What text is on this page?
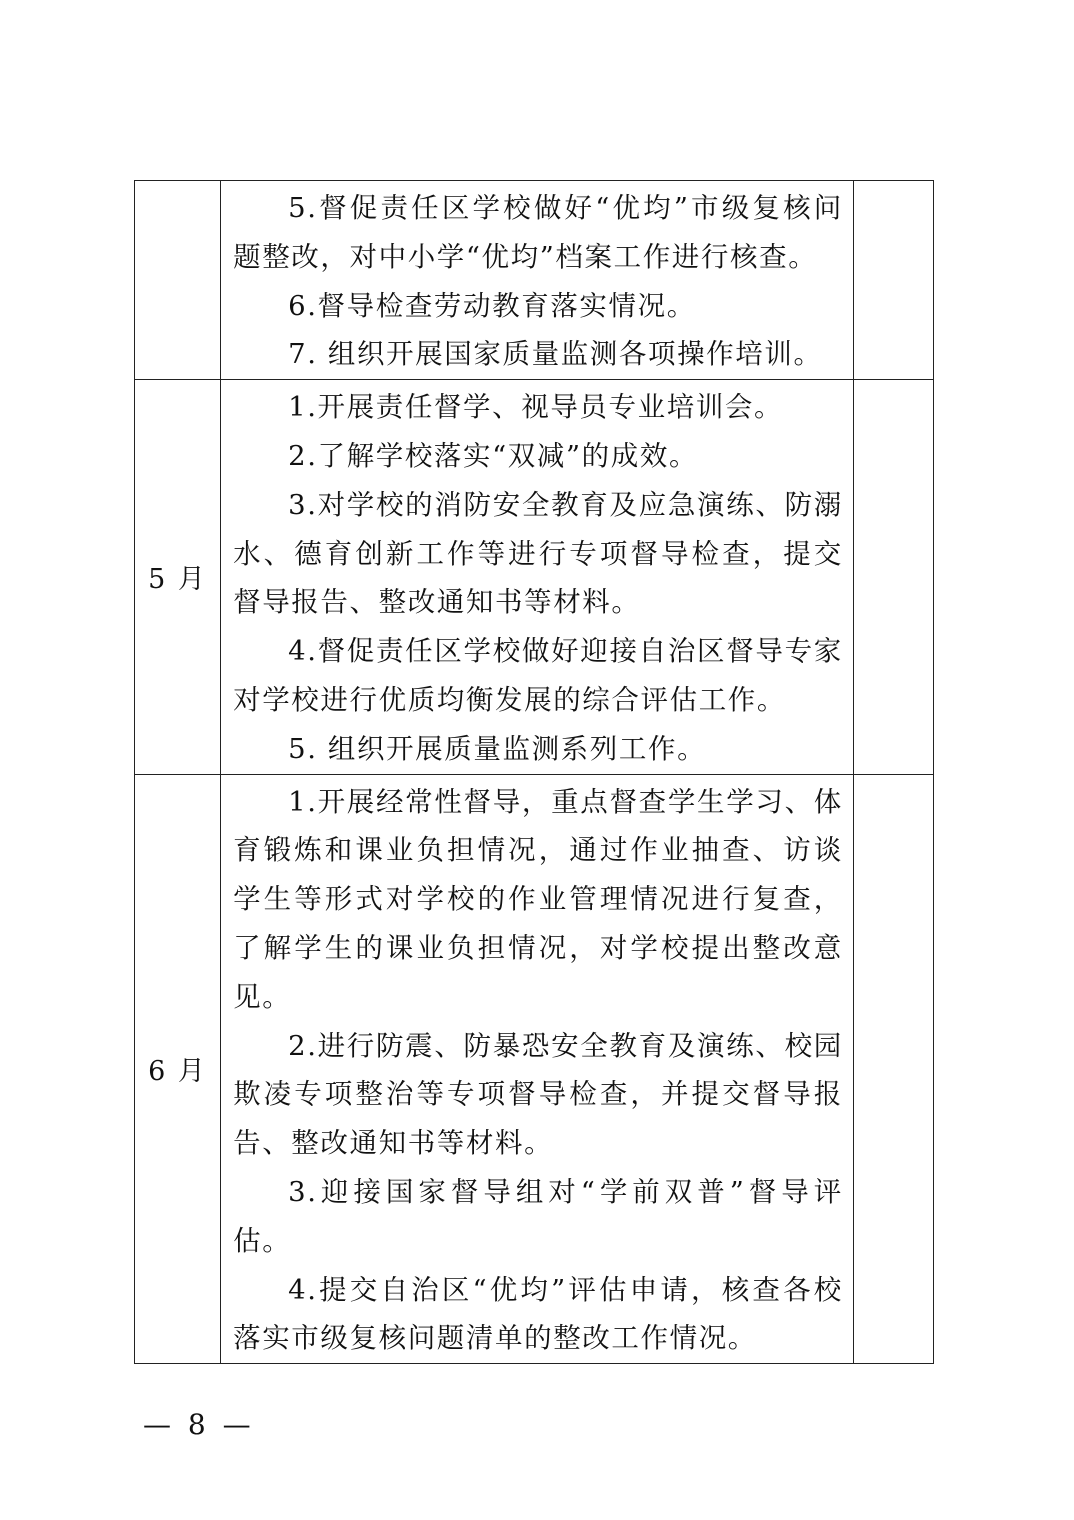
	5.督促责任区学校做好“优均”市级复核问题整改，对中小学“优均”档案工作进行核查。

6.督导检查劳动教育落实情况。

7. 组织开展国家质量监测各项操作培训。	

5 月	1.开展责任督学、视导员专业培训会。

2.了解学校落实“双减”的成效。

3.对学校的消防安全教育及应急演练、防溺水、德育创新工作等进行专项督导检查，提交督导报告、整改通知书等材料。

4.督促责任区学校做好迎接自治区督导专家对学校进行优质均衡发展的综合评估工作。

5. 组织开展质量监测系列工作。	

6 月	1.开展经常性督导，重点督查学生学习、体育锻炼和课业负担情况，通过作业抽查、访谈学生等形式对学校的作业管理情况进行复查，了解学生的课业负担情况，对学校提出整改意见。

2.进行防震、防暴恐安全教育及演练、校园欺凌专项整治等专项督导检查，并提交督导报告、整改通知书等材料。

3.迎接国家督导组对“学前双普”督导评估。

4.提交自治区“优均”评估申请，核查各校落实市级复核问题清单的整改工作情况。	

— 8 —
